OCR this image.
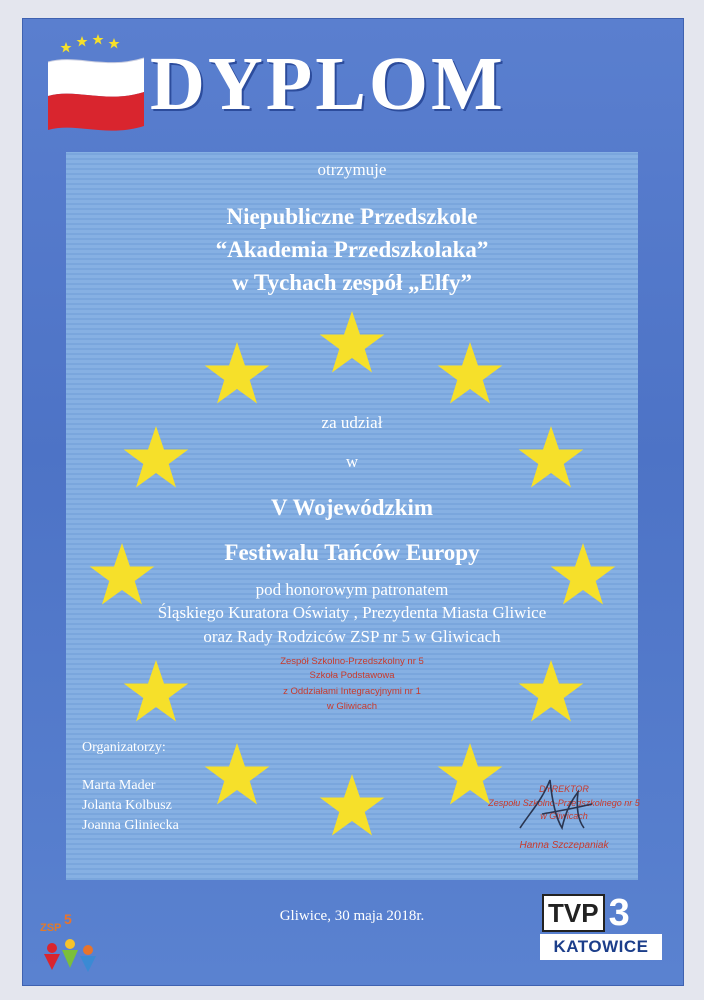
DYPLOM

otrzymuje

Niepubliczne Przedszkole

“Akademia Przedszkolaka”

w Tychach zespół „Elfy”

za udział

w

V Wojewódzkim

Festiwalu Tańców Europy

pod honorowym patronatem

Śląskiego Kuratora Oświaty , Prezydenta Miasta Gliwice

oraz Rady Rodziców ZSP nr 5 w Gliwicach

Zespół Szkolno-Przedszkolny nr 5

Szkoła Podstawowa

z Oddziałami Integracyjnymi nr 1

w Gliwicach

Organizatorzy:

Marta Mader

Jolanta Kolbusz

Joanna Gliniecka

DYREKTOR

Zespołu Szkolno-Przedszkolnego nr 5

w Gliwicach

Hanna Szczepaniak

Gliwice, 30 maja 2018r.

5

ZSP	TVP 3
KATOWICE
